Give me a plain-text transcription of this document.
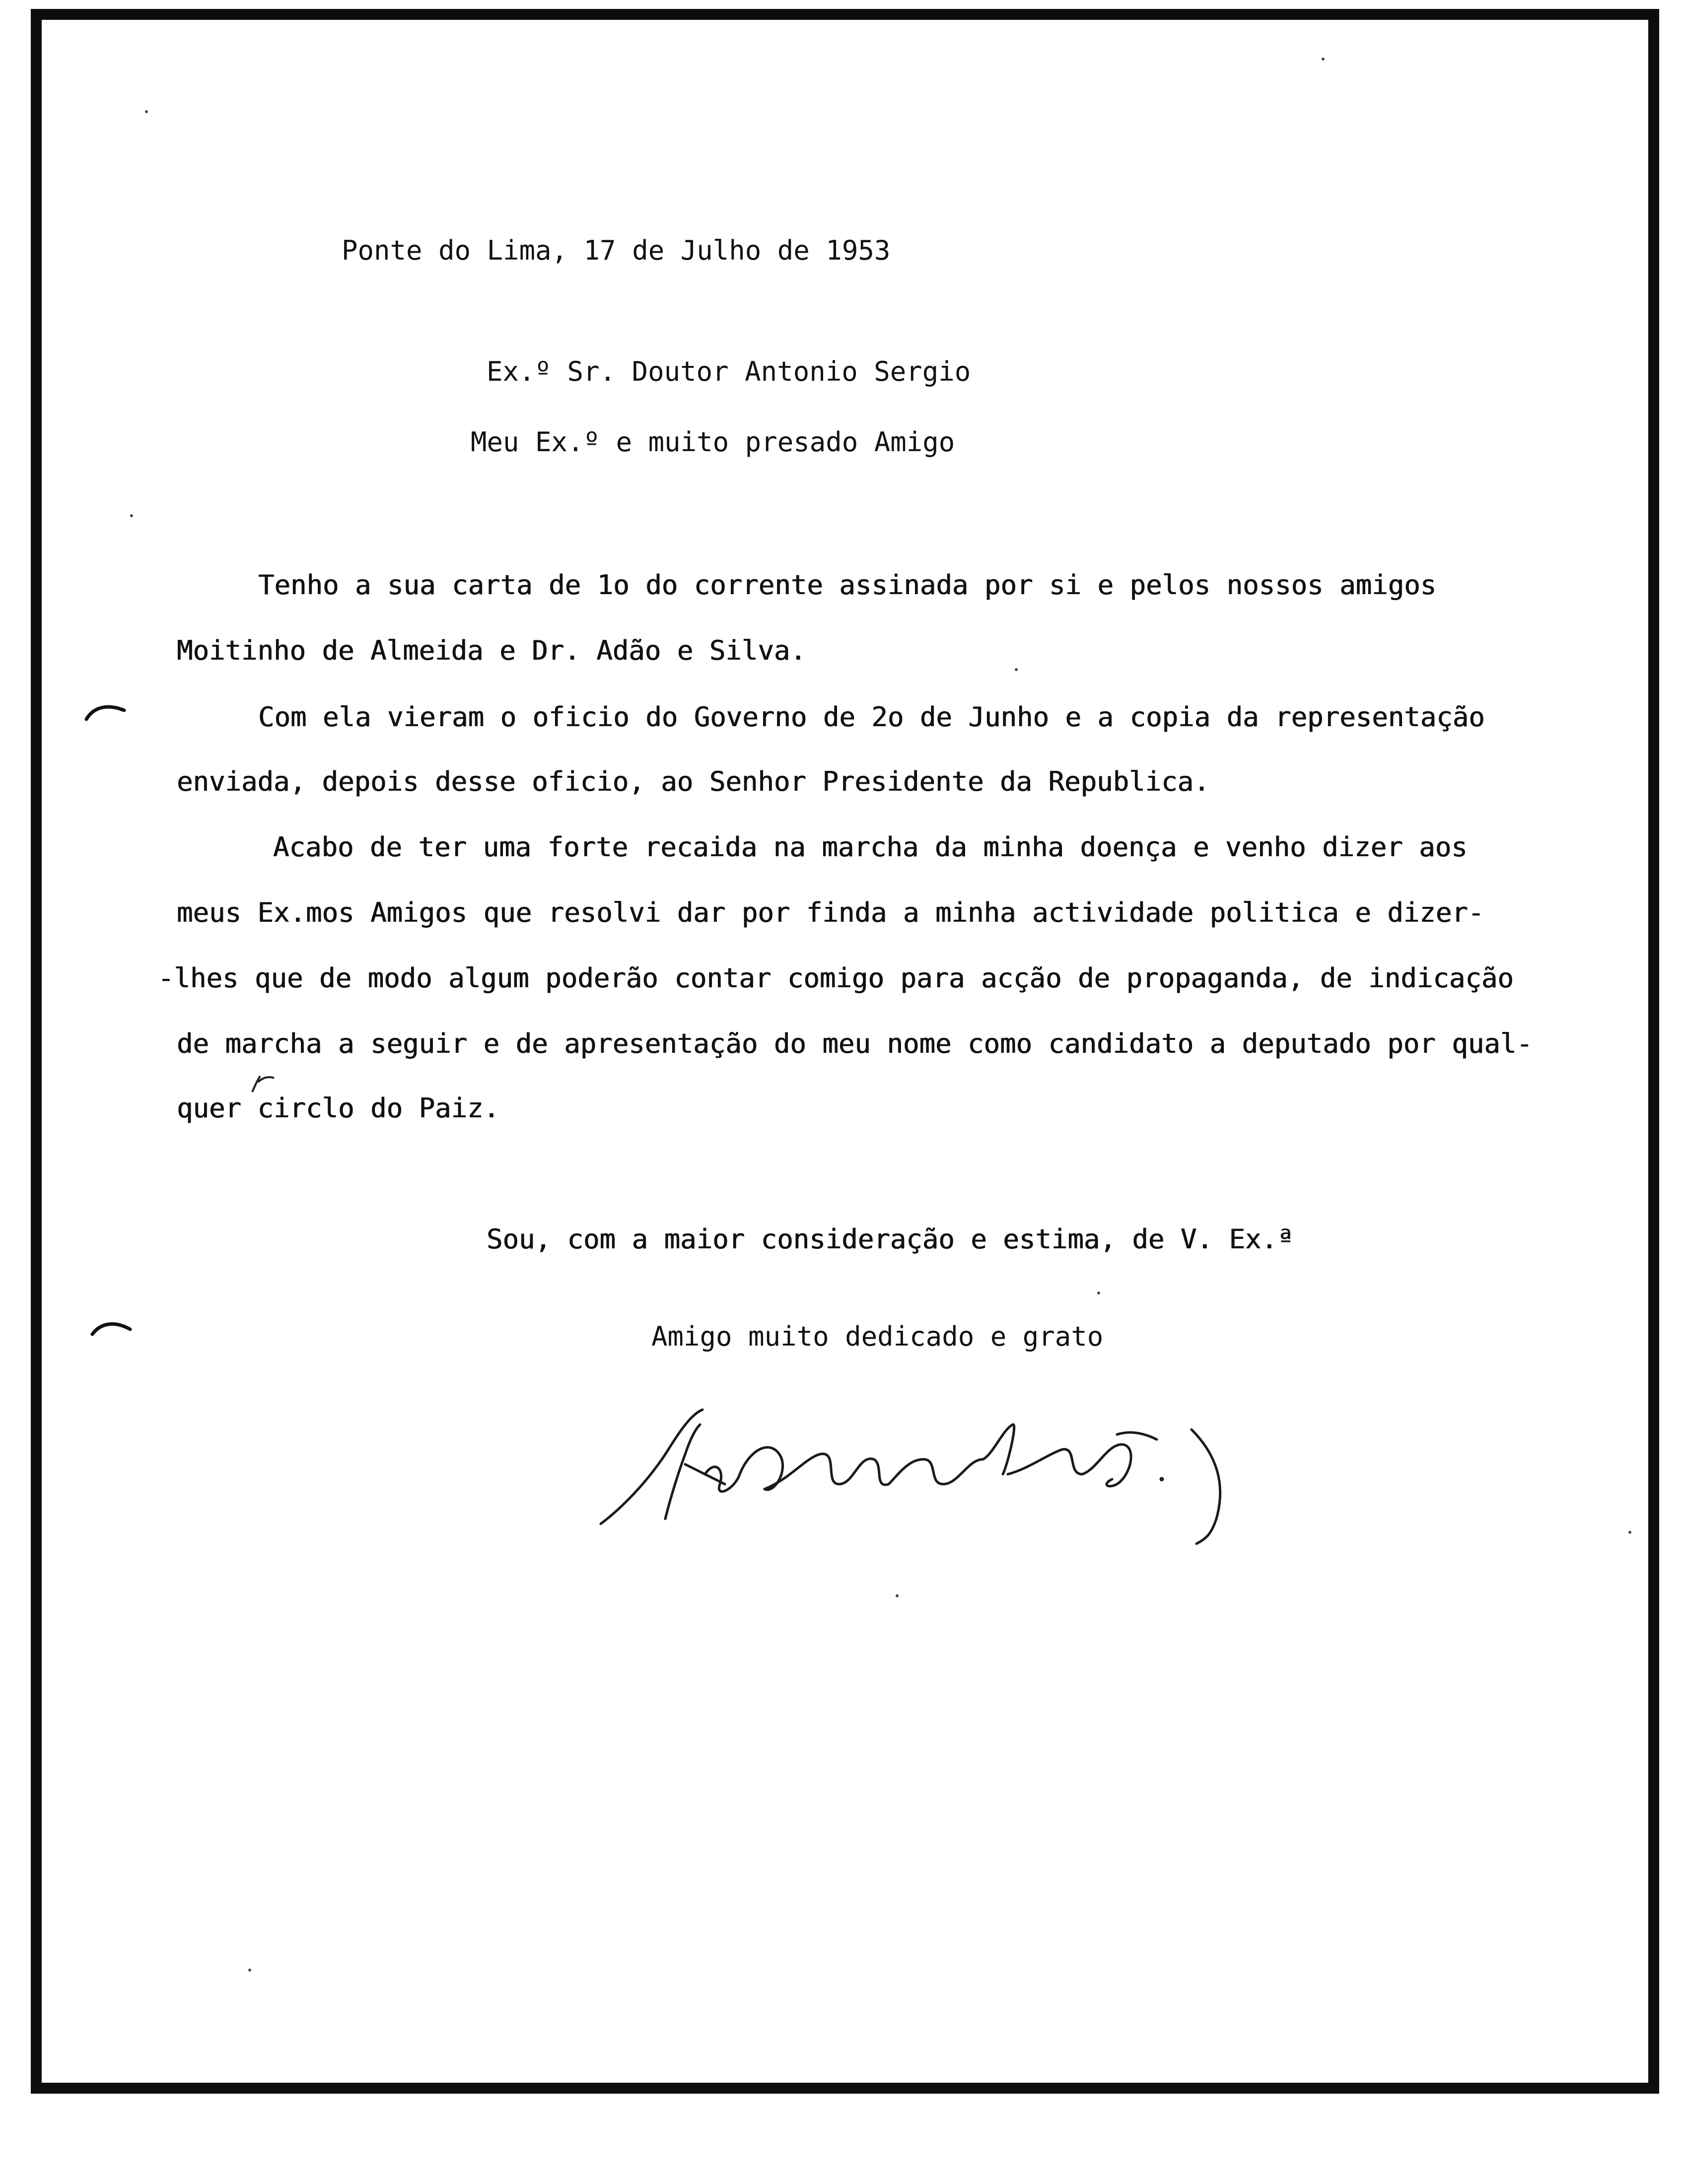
Ponte do Lima, 17 de Julho de 1953
Ex.º Sr. Doutor Antonio Sergio
Meu Ex.º e muito presado Amigo
Tenho a sua carta de 1o do corrente assinada por si e pelos nossos amigos
Moitinho de Almeida e Dr. Adão e Silva.
Com ela vieram o oficio do Governo de 2o de Junho e a copia da representação
enviada, depois desse oficio, ao Senhor Presidente da Republica.
Acabo de ter uma forte recaida na marcha da minha doença e venho dizer aos
meus Ex.mos Amigos que resolvi dar por finda a minha actividade politica e dizer-
-lhes que de modo algum poderão contar comigo para acção de propaganda, de indicação
de marcha a seguir e de apresentação do meu nome como candidato a deputado por qual-
quer circlo do Paiz.
Sou, com a maior consideração e estima, de V. Ex.ª
Amigo muito dedicado e grato
